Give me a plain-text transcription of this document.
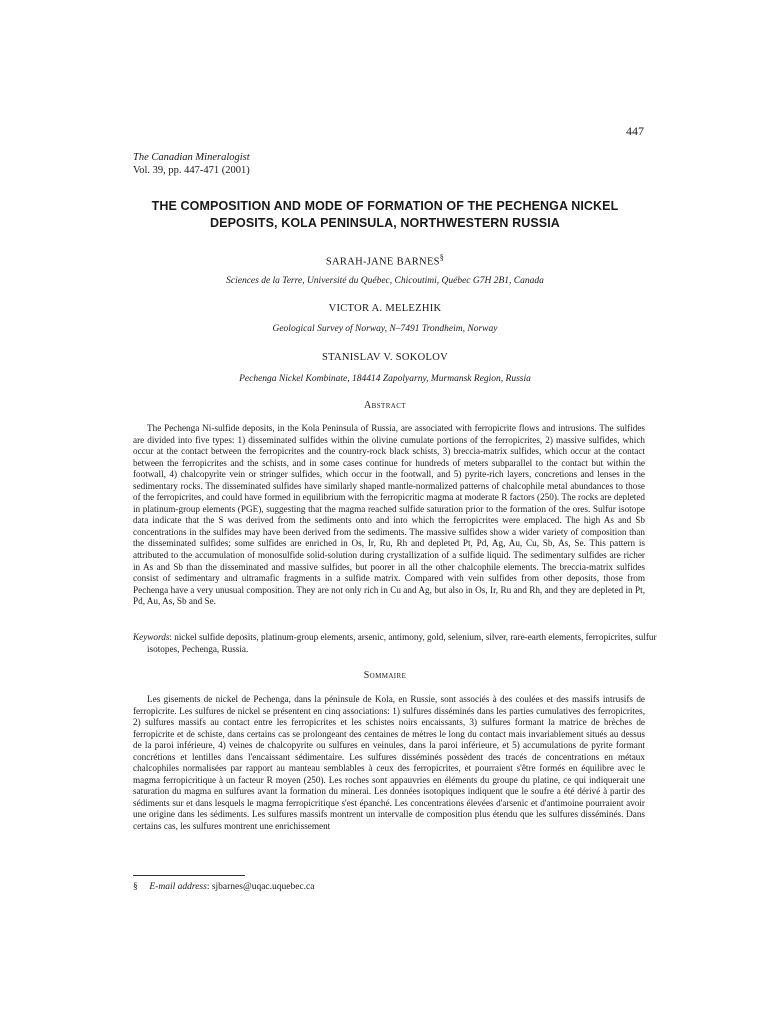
447
The Canadian Mineralogist
Vol. 39, pp. 447-471 (2001)
THE COMPOSITION AND MODE OF FORMATION OF THE PECHENGA NICKEL
DEPOSITS, KOLA PENINSULA, NORTHWESTERN RUSSIA
SARAH-JANE BARNES§
Sciences de la Terre, Université du Québec, Chicoutimi, Québec G7H 2B1, Canada
VICTOR A. MELEZHIK
Geological Survey of Norway, N–7491 Trondheim, Norway
STANISLAV V. SOKOLOV
Pechenga Nickel Kombinate, 184414 Zapolyarny, Murmansk Region, Russia
Abstract
The Pechenga Ni-sulfide deposits, in the Kola Peninsula of Russia, are associated with ferropicrite flows and intrusions. The sulfides are divided into five types: 1) disseminated sulfides within the olivine cumulate portions of the ferropicrites, 2) massive sulfides, which occur at the contact between the ferropicrites and the country-rock black schists, 3) breccia-matrix sulfides, which occur at the contact between the ferropicrites and the schists, and in some cases continue for hundreds of meters subparallel to the contact but within the footwall, 4) chalcopyrite vein or stringer sulfides, which occur in the footwall, and 5) pyrite-rich layers, concretions and lenses in the sedimentary rocks. The disseminated sulfides have similarly shaped mantle-normalized patterns of chalcophile metal abundances to those of the ferropicrites, and could have formed in equilibrium with the ferropicritic magma at moderate R factors (250). The rocks are depleted in platinum-group elements (PGE), suggesting that the magma reached sulfide saturation prior to the formation of the ores. Sulfur isotope data indicate that the S was derived from the sediments onto and into which the ferropicrites were emplaced. The high As and Sb concentrations in the sulfides may have been derived from the sediments. The massive sulfides show a wider variety of composition than the disseminated sulfides; some sulfides are enriched in Os, Ir, Ru, Rh and depleted Pt, Pd, Ag, Au, Cu, Sb, As, Se. This pattern is attributed to the accumulation of monosulfide solid-solution during crystallization of a sulfide liquid. The sedimentary sulfides are richer in As and Sb than the disseminated and massive sulfides, but poorer in all the other chalcophile elements. The breccia-matrix sulfides consist of sedimentary and ultramafic fragments in a sulfide matrix. Compared with vein sulfides from other deposits, those from Pechenga have a very unusual composition. They are not only rich in Cu and Ag, but also in Os, Ir, Ru and Rh, and they are depleted in Pt, Pd, Au, As, Sb and Se.
Keywords: nickel sulfide deposits, platinum-group elements, arsenic, antimony, gold, selenium, silver, rare-earth elements, ferropicrites, sulfur isotopes, Pechenga, Russia.
Sommaire
Les gisements de nickel de Pechenga, dans la péninsule de Kola, en Russie, sont associés à des coulées et des massifs intrusifs de ferropicrite. Les sulfures de nickel se présentent en cinq associations: 1) sulfures disséminés dans les parties cumulatives des ferropicrites, 2) sulfures massifs au contact entre les ferropicrites et les schistes noirs encaissants, 3) sulfures formant la matrice de brèches de ferropicrite et de schiste, dans certains cas se prolongeant des centaines de mètres le long du contact mais invariablement situés au dessus de la paroi inférieure, 4) veines de chalcopyrite ou sulfures en veinules, dans la paroi inférieure, et 5) accumulations de pyrite formant concrétions et lentilles dans l'encaissant sédimentaire. Les sulfures disséminés possèdent des tracés de concentrations en métaux chalcophiles normalisées par rapport au manteau semblables à ceux des ferropicrites, et pourraient s'être formés en équilibre avec le magma ferropicritique à un facteur R moyen (250). Les roches sont appauvries en éléments du groupe du platine, ce qui indiquerait une saturation du magma en sulfures avant la formation du minerai. Les données isotopiques indiquent que le soufre a été dérivé à partir des sédiments sur et dans lesquels le magma ferropicritique s'est épanché. Les concentrations élevées d'arsenic et d'antimoine pourraient avoir une origine dans les sédiments. Les sulfures massifs montrent un intervalle de composition plus étendu que les sulfures disséminés. Dans certains cas, les sulfures montrent une enrichissement
§ E-mail address: sjbarnes@uqac.uquebec.ca
